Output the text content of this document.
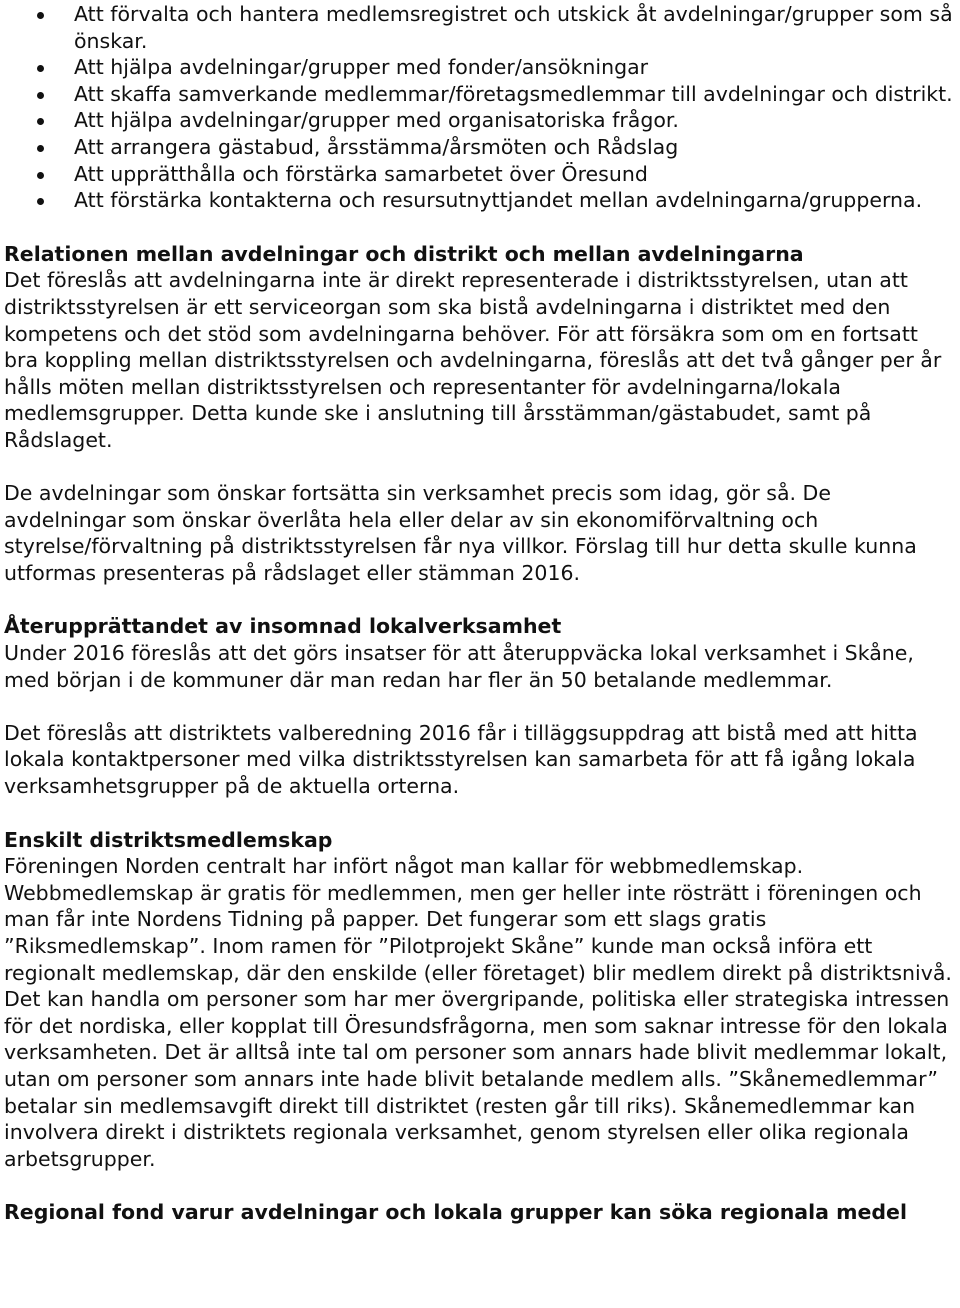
Att förvalta och hantera medlemsregistret och utskick åt avdelningar/grupper som så önskar.
Att hjälpa avdelningar/grupper med fonder/ansökningar
Att skaffa samverkande medlemmar/företagsmedlemmar till avdelningar och distrikt.
Att hjälpa avdelningar/grupper med organisatoriska frågor.
Att arrangera gästabud, årsstämma/årsmöten och Rådslag
Att upprätthålla och förstärka samarbetet över Öresund
Att förstärka kontakterna och resursutnyttjandet mellan avdelningarna/grupperna.
Relationen mellan avdelningar och distrikt och mellan avdelningarna

Det föreslås att avdelningarna inte är direkt representerade i distriktsstyrelsen, utan att distriktsstyrelsen är ett serviceorgan som ska bistå avdelningarna i distriktet med den kompetens och det stöd som avdelningarna behöver. För att försäkra som om en fortsatt bra koppling mellan distriktsstyrelsen och avdelningarna, föreslås att det två gånger per år hålls möten mellan distriktsstyrelsen och representanter för avdelningarna/lokala medlemsgrupper. Detta kunde ske i anslutning till årsstämman/gästabudet, samt på Rådslaget.

De avdelningar som önskar fortsätta sin verksamhet precis som idag, gör så. De avdelningar som önskar överlåta hela eller delar av sin ekonomiförvaltning och styrelse/förvaltning på distriktsstyrelsen får nya villkor. Förslag till hur detta skulle kunna utformas presenteras på rådslaget eller stämman 2016.

Återupprättandet av insomnad lokalverksamhet

Under 2016 föreslås att det görs insatser för att återuppväcka lokal verksamhet i Skåne, med början i de kommuner där man redan har fler än 50 betalande medlemmar.

Det föreslås att distriktets valberedning 2016 får i tilläggsuppdrag att bistå med att hitta lokala kontaktpersoner med vilka distriktsstyrelsen kan samarbeta för att få igång lokala verksamhetsgrupper på de aktuella orterna.

Enskilt distriktsmedlemskap

Föreningen Norden centralt har infört något man kallar för webbmedlemskap. Webbmedlemskap är gratis för medlemmen, men ger heller inte rösträtt i föreningen och man får inte Nordens Tidning på papper. Det fungerar som ett slags gratis ”Riksmedlemskap”. Inom ramen för ”Pilotprojekt Skåne” kunde man också införa ett regionalt medlemskap, där den enskilde (eller företaget) blir medlem direkt på distriktsnivå. Det kan handla om personer som har mer övergripande, politiska eller strategiska intressen för det nordiska, eller kopplat till Öresundsfrågorna, men som saknar intresse för den lokala verksamheten. Det är alltså inte tal om personer som annars hade blivit medlemmar lokalt, utan om personer som annars inte hade blivit betalande medlem alls. ”Skånemedlemmar” betalar sin medlemsavgift direkt till distriktet (resten går till riks). Skånemedlemmar kan involvera direkt i distriktets regionala verksamhet, genom styrelsen eller olika regionala arbetsgrupper.

Regional fond varur avdelningar och lokala grupper kan söka regionala medel
